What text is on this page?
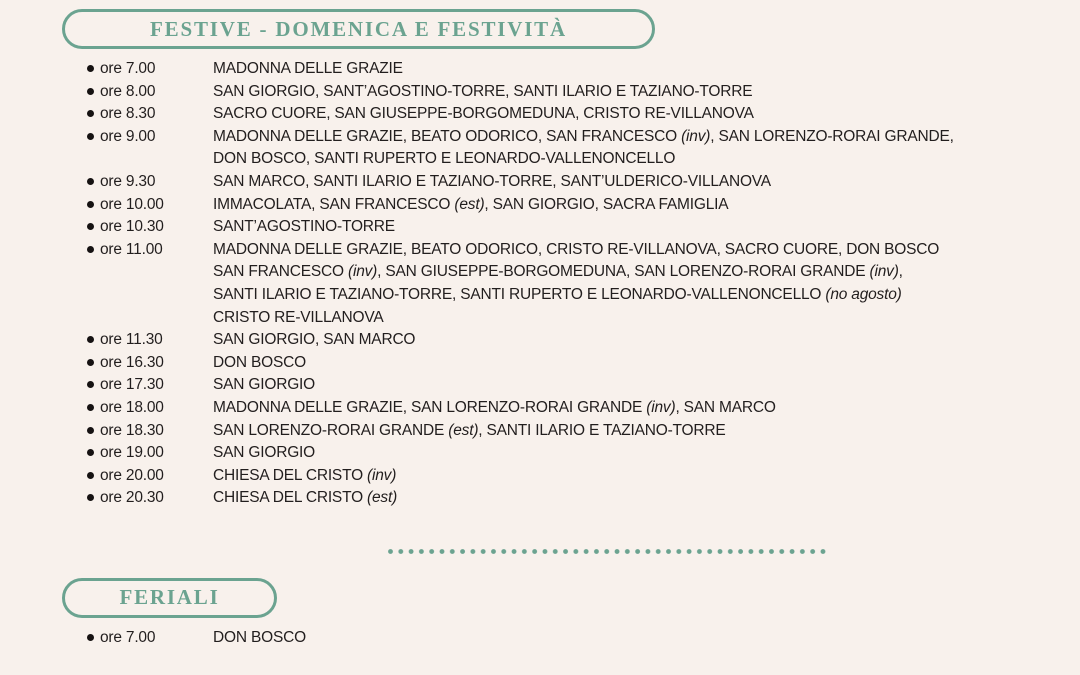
FESTIVE - DOMENICA E FESTIVITÀ
ore 7.00	MADONNA DELLE GRAZIE
ore 8.00	SAN GIORGIO, SANT’AGOSTINO-TORRE, SANTI ILARIO E TAZIANO-TORRE
ore 8.30	SACRO CUORE, SAN GIUSEPPE-BORGOMEDUNA, CRISTO RE-VILLANOVA
ore 9.00	MADONNA DELLE GRAZIE, BEATO ODORICO, SAN FRANCESCO (inv), SAN LORENZO-RORAI GRANDE,
DON BOSCO, SANTI RUPERTO E LEONARDO-VALLENONCELLO
ore 9.30	SAN MARCO, SANTI ILARIO E TAZIANO-TORRE, SANT’ULDERICO-VILLANOVA
ore 10.00	IMMACOLATA, SAN FRANCESCO (est), SAN GIORGIO, SACRA FAMIGLIA
ore 10.30	SANT’AGOSTINO-TORRE
ore 11.00	MADONNA DELLE GRAZIE, BEATO ODORICO, CRISTO RE-VILLANOVA, SACRO CUORE, DON BOSCO
SAN FRANCESCO (inv), SAN GIUSEPPE-BORGOMEDUNA, SAN LORENZO-RORAI GRANDE (inv),
SANTI ILARIO E TAZIANO-TORRE, SANTI RUPERTO E LEONARDO-VALLENONCELLO (no agosto)
CRISTO RE-VILLANOVA
ore 11.30	SAN GIORGIO, SAN MARCO
ore 16.30	DON BOSCO
ore 17.30	SAN GIORGIO
ore 18.00	MADONNA DELLE GRAZIE, SAN LORENZO-RORAI GRANDE (inv), SAN MARCO
ore 18.30	SAN LORENZO-RORAI GRANDE (est), SANTI ILARIO E TAZIANO-TORRE
ore 19.00	SAN GIORGIO
ore 20.00	CHIESA DEL CRISTO (inv)
ore 20.30	CHIESA DEL CRISTO (est)
FERIALI
ore 7.00	DON BOSCO
